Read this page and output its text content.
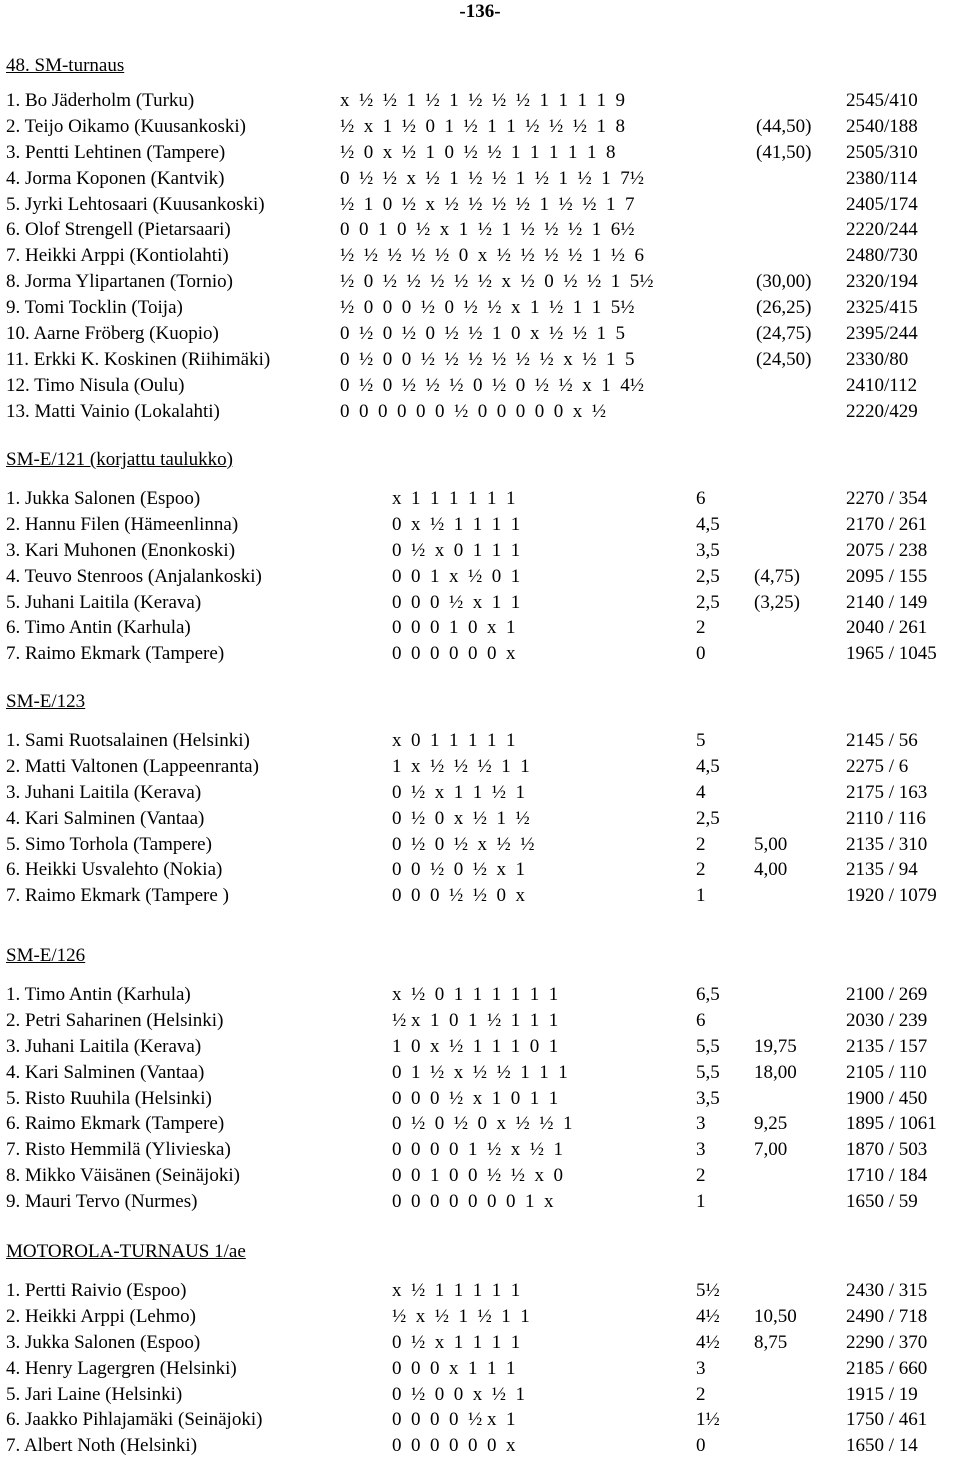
-136-
48. SM-turnaus
1. Bo Jäderholm (Turku)	x  ½  ½  1  ½  1  ½  ½  ½  1  1  1  1  9	2545/410
2. Teijo Oikamo (Kuusankoski)	½  x  1  ½  0  1  ½  1  1  ½  ½  ½  1  8	(44,50) 2540/188
3. Pentti Lehtinen (Tampere)	½  0  x  ½  1  0  ½  ½  1  1  1  1  1  8	(41,50) 2505/310
4. Jorma Koponen (Kantvik)	0  ½  ½  x  ½  1  ½  ½  1  ½  1  ½  1  7½	2380/114
5. Jyrki Lehtosaari (Kuusankoski)	½  1  0  ½  x  ½  ½  ½  ½  1  ½  ½  1  7	2405/174
6. Olof Strengell (Pietarsaari)	0  0  1  0  ½  x  1  ½  1  ½  ½  ½  1  6½	2220/244
7. Heikki Arppi (Kontiolahti)	½  ½  ½  ½  ½  0  x  ½  ½  ½  ½  1  ½  6	2480/730
8. Jorma Ylipartanen (Tornio)	½  0  ½  ½  ½  ½  ½  x  ½  0  ½  ½  1  5½	(30,00) 2320/194
9. Tomi Tocklin (Toija)	½  0  0  0  ½  0  ½  ½  x  1  ½  1  1  5½	(26,25) 2325/415
10. Aarne Fröberg (Kuopio)	0  ½  0  ½  0  ½  ½  1  0  x  ½  ½  1  5	(24,75) 2395/244
11. Erkki K. Koskinen (Riihimäki)	0  ½  0  0  ½  ½  ½  ½  ½  ½  x  ½  1  5	(24,50) 2330/80
12. Timo Nisula (Oulu)	0  ½  0  ½  ½  ½  0  ½  0  ½  ½  x  1  4½	2410/112
13. Matti Vainio (Lokalahti)	0  0  0  0  0  0  ½  0  0  0  0  0  x  ½	2220/429
SM-E/121 (korjattu taulukko)
1. Jukka Salonen (Espoo)	x  1  1  1  1  1  1	6	2270 / 354
2. Hannu Filen (Hämeenlinna)	0  x  ½  1  1  1  1	4,5	2170 / 261
3. Kari Muhonen (Enonkoski)	0  ½  x  0  1  1  1	3,5	2075 / 238
4. Teuvo Stenroos (Anjalankoski)	0  0  1  x  ½  0  1	2,5 (4,75) 2095 / 155
5. Juhani Laitila (Kerava)	0  0  0  ½  x  1  1	2,5 (3,25) 2140 / 149
6. Timo Antin (Karhula)	0  0  0  1  0  x  1	2	2040 / 261
7. Raimo Ekmark (Tampere)	0  0  0  0  0  0  x	0	1965 / 1045
SM-E/123
1. Sami Ruotsalainen (Helsinki)	x  0  1  1  1  1  1	5	2145 / 56
2. Matti Valtonen (Lappeenranta)	1  x  ½  ½  ½  1  1	4,5	2275 / 6
3. Juhani Laitila (Kerava)	0  ½  x  1  1  ½  1	4	2175 / 163
4. Kari Salminen (Vantaa)	0  ½  0  x  ½  1  ½	2,5	2110 / 116
5. Simo Torhola (Tampere)	0  ½  0  ½  x  ½  ½	2	5,00	2135 / 310
6. Heikki Usvalehto (Nokia)	0  0  ½  0  ½  x  1	2	4,00	2135 / 94
7. Raimo Ekmark (Tampere )	0  0  0  ½  ½  0  x	1	1920 / 1079
SM-E/126
1. Timo Antin (Karhula)	x  ½  0  1  1  1  1  1  1	6,5	2100 / 269
2. Petri Saharinen (Helsinki)	½ x  1  0  1  ½  1  1  1	6	2030 / 239
3. Juhani Laitila (Kerava)	1  0  x  ½  1  1  1  0  1	5,5 19,75	2135 / 157
4. Kari Salminen (Vantaa)	0  1  ½  x  ½  ½  1  1  1	5,5 18,00	2105 / 110
5. Risto Ruuhila (Helsinki)	0  0  0  ½  x  1  0  1  1	3,5	1900 / 450
6. Raimo Ekmark (Tampere)	0  ½  0  ½  0  x  ½  ½  1	3	9,25	1895 / 1061
7. Risto Hemmilä (Ylivieska)	0  0  0  0  1  ½  x  ½  1	3	7,00	1870 / 503
8. Mikko Väisänen (Seinäjoki)	0  0  1  0  0  ½  ½  x  0	2	1710 / 184
9. Mauri Tervo (Nurmes)	0  0  0  0  0  0  0  1  x	1	1650 / 59
MOTOROLA-TURNAUS 1/ae
1. Pertti Raivio (Espoo)	x  ½  1  1  1  1  1	5½	2430 / 315
2. Heikki Arppi (Lehmo)	½  x  ½  1  ½  1  1	4½ 10,50	2490 / 718
3. Jukka Salonen (Espoo)	0  ½  x  1  1  1  1	4½ 8,75	2290 / 370
4. Henry Lagergren (Helsinki)	0  0  0  x  1  1  1	3	2185 / 660
5. Jari Laine (Helsinki)	0  ½  0  0  x  ½  1	2	1915 / 19
6. Jaakko Pihlajamäki (Seinäjoki)	0  0  0  0  ½ x  1	1½	1750 / 461
7. Albert Noth (Helsinki)	0  0  0  0  0  0  x	0	1650 / 14
